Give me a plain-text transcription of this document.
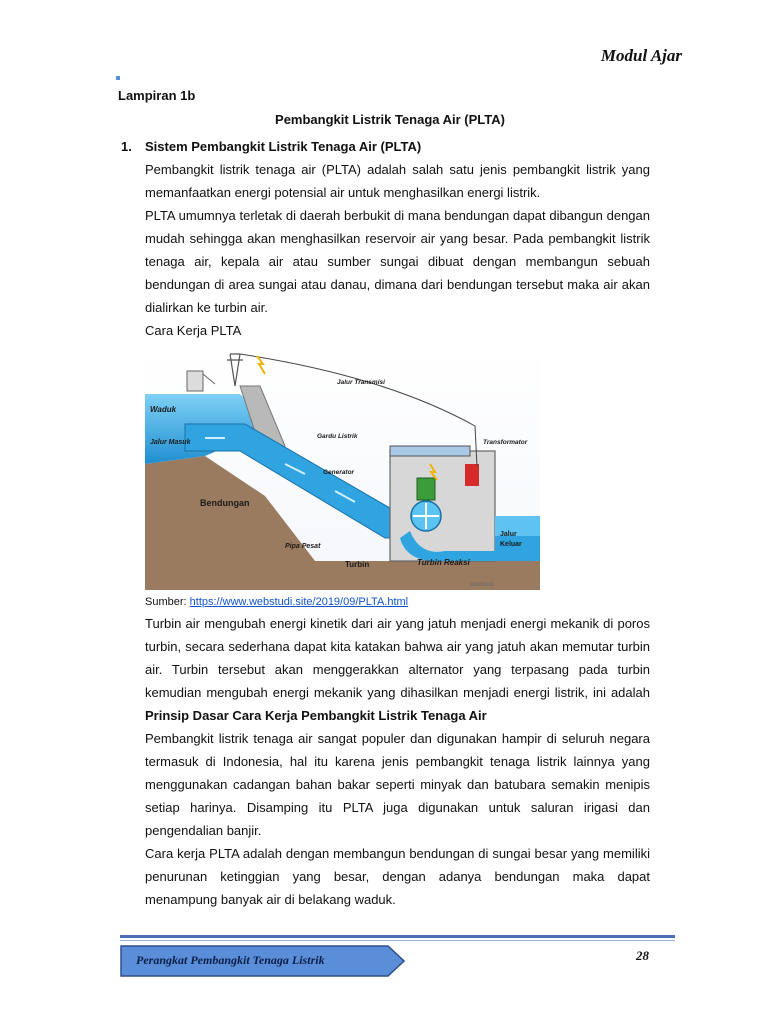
Modul Ajar
Lampiran 1b
Pembangkit Listrik Tenaga Air (PLTA)
1. Sistem Pembangkit Listrik Tenaga Air (PLTA)

Pembangkit listrik tenaga air (PLTA) adalah salah satu jenis pembangkit listrik yang memanfaatkan energi potensial air untuk menghasilkan energi listrik.

PLTA umumnya terletak di daerah berbukit di mana bendungan dapat dibangun dengan mudah sehingga akan menghasilkan reservoir air yang besar. Pada pembangkit listrik tenaga air, kepala air atau sumber sungai dibuat dengan membangun sebuah bendungan di area sungai atau danau, dimana dari bendungan tersebut maka air akan dialirkan ke turbin air.

Cara Kerja PLTA

Waduk
Jalur Masuk
Bendungan
Pipa Pesat
Turbin	Turbin Reaksi
Jalur Transmisi
Gardu Listrik
Generator
Transformator
Jalur
Keluar
webstudi
Sumber: https://www.webstudi.site/2019/09/PLTA.html

Turbin air mengubah energi kinetik dari air yang jatuh menjadi energi mekanik di poros turbin, secara sederhana dapat kita katakan bahwa air yang jatuh akan memutar turbin air. Turbin tersebut akan menggerakkan alternator yang terpasang pada turbin kemudian mengubah energi mekanik yang dihasilkan menjadi energi listrik, ini adalah Prinsip Dasar Cara Kerja Pembangkit Listrik Tenaga Air

Pembangkit listrik tenaga air sangat populer dan digunakan hampir di seluruh negara termasuk di Indonesia, hal itu karena jenis pembangkit tenaga listrik lainnya yang menggunakan cadangan bahan bakar seperti minyak dan batubara semakin menipis setiap harinya. Disamping itu PLTA juga digunakan untuk saluran irigasi dan pengendalian banjir.

Cara kerja PLTA adalah dengan membangun bendungan di sungai besar yang memiliki penurunan ketinggian yang besar, dengan adanya bendungan maka dapat menampung banyak air di belakang waduk.

Perangkat Pembangkit Tenaga Listrik	28
